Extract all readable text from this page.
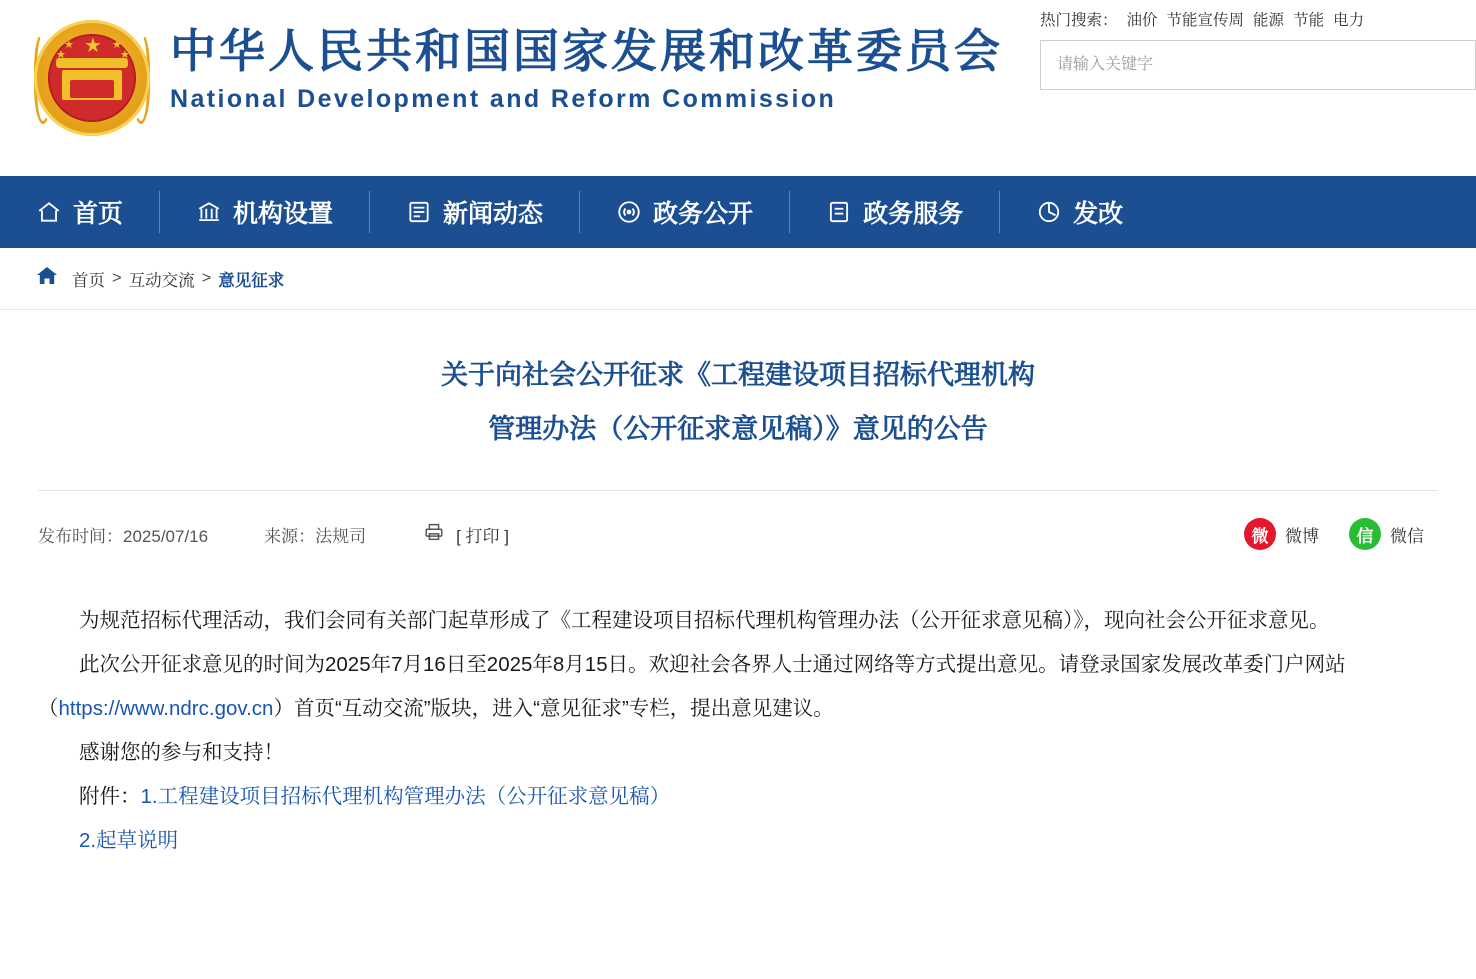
★
★
★
★
★ 中华人民共和国国家发展和改革委员会
National Development and Reform Commission
热门搜索： 油价 节能宣传周 能源 节能 电力
请输入关键字
首页	机构设置	新闻动态	政务公开	政务服务	发改
首页 > 互动交流 > 意见征求
关于向社会公开征求《工程建设项目招标代理机构
管理办法（公开征求意见稿）》意见的公告
发布时间：2025/07/16	来源：法规司	[ 打印 ]	微 微博	信 微信

为规范招标代理活动，我们会同有关部门起草形成了《工程建设项目招标代理机构管理办法（公开征求意见稿）》，现向社会公开征求意见。

此次公开征求意见的时间为2025年7月16日至2025年8月15日。欢迎社会各界人士通过网络等方式提出意见。请登录国家发展改革委门户网站（https://www.ndrc.gov.cn）首页“互动交流”版块，进入“意见征求”专栏，提出意见建议。

感谢您的参与和支持！

附件：1.工程建设项目招标代理机构管理办法（公开征求意见稿）

2.起草说明
